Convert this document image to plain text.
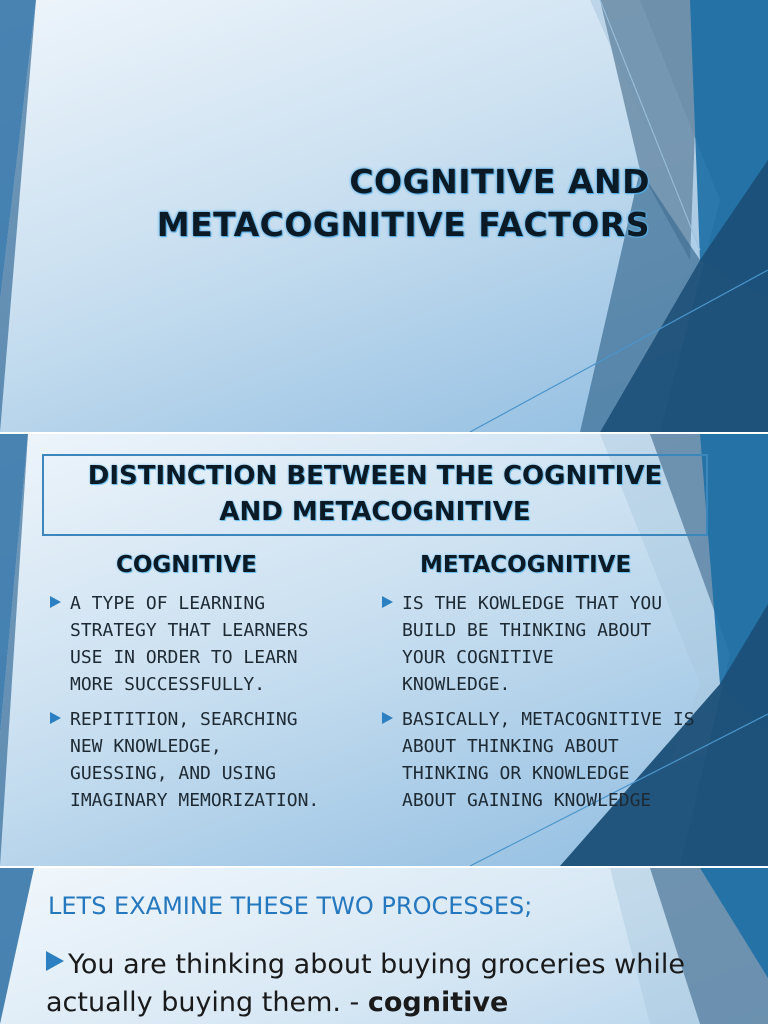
COGNITIVE AND
METACOGNITIVE FACTORS
DISTINCTION BETWEEN THE COGNITIVE
AND METACOGNITIVE
COGNITIVE	METACOGNITIVE
A TYPE OF LEARNING
STRATEGY THAT LEARNERS
USE IN ORDER TO LEARN
MORE SUCCESSFULLY.
REPITITION, SEARCHING
NEW KNOWLEDGE,
GUESSING, AND USING
IMAGINARY MEMORIZATION.
IS THE KOWLEDGE THAT YOU
BUILD BE THINKING ABOUT
YOUR COGNITIVE
KNOWLEDGE.
BASICALLY, METACOGNITIVE IS
ABOUT THINKING ABOUT
THINKING OR KNOWLEDGE
ABOUT GAINING KNOWLEDGE
LETS EXAMINE THESE TWO PROCESSES;
You are thinking about buying groceries while actually buying them. - cognitive
